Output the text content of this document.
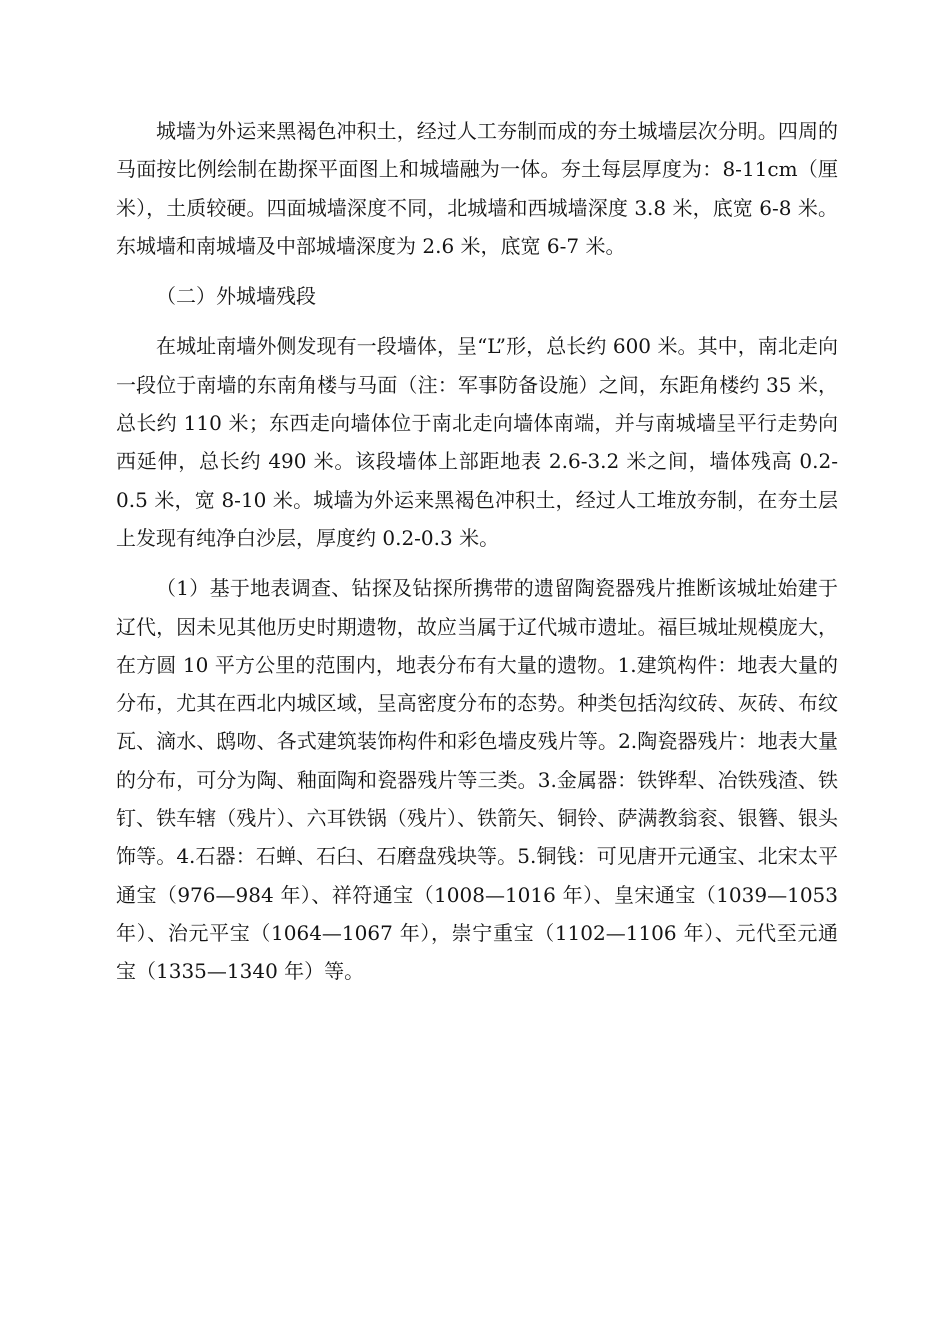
城墙为外运来黑褐色冲积土，经过人工夯制而成的夯土城墙层次分明。四周的马面按比例绘制在勘探平面图上和城墙融为一体。夯土每层厚度为：8-11cm（厘米），土质较硬。四面城墙深度不同，北城墙和西城墙深度 3.8 米，底宽 6-8 米。东城墙和南城墙及中部城墙深度为 2.6 米，底宽 6-7 米。

（二）外城墙残段

在城址南墙外侧发现有一段墙体，呈“L”形，总长约 600 米。其中，南北走向一段位于南墙的东南角楼与马面（注：军事防备设施）之间，东距角楼约 35 米，总长约 110 米；东西走向墙体位于南北走向墙体南端，并与南城墙呈平行走势向西延伸，总长约 490 米。该段墙体上部距地表 2.6-3.2 米之间，墙体残高 0.2-0.5 米，宽 8-10 米。城墙为外运来黑褐色冲积土，经过人工堆放夯制，在夯土层上发现有纯净白沙层，厚度约 0.2-0.3 米。

（1）基于地表调查、钻探及钻探所携带的遗留陶瓷器残片推断该城址始建于辽代，因未见其他历史时期遗物，故应当属于辽代城市遗址。福巨城址规模庞大，在方圆 10 平方公里的范围内，地表分布有大量的遗物。1.建筑构件：地表大量的分布，尤其在西北内城区域，呈高密度分布的态势。种类包括沟纹砖、灰砖、布纹瓦、滴水、鸱吻、各式建筑装饰构件和彩色墙皮残片等。2.陶瓷器残片：地表大量的分布，可分为陶、釉面陶和瓷器残片等三类。3.金属器：铁铧犁、冶铁残渣、铁钉、铁车辖（残片）、六耳铁锅（残片）、铁箭矢、铜铃、萨满教翁衮、银簪、银头饰等。4.石器：石蝉、石臼、石磨盘残块等。5.铜钱：可见唐开元通宝、北宋太平通宝（976—984 年）、祥符通宝（1008—1016 年）、皇宋通宝（1039—1053 年）、治元平宝（1064—1067 年），崇宁重宝（1102—1106 年）、元代至元通宝（1335—1340 年）等。
